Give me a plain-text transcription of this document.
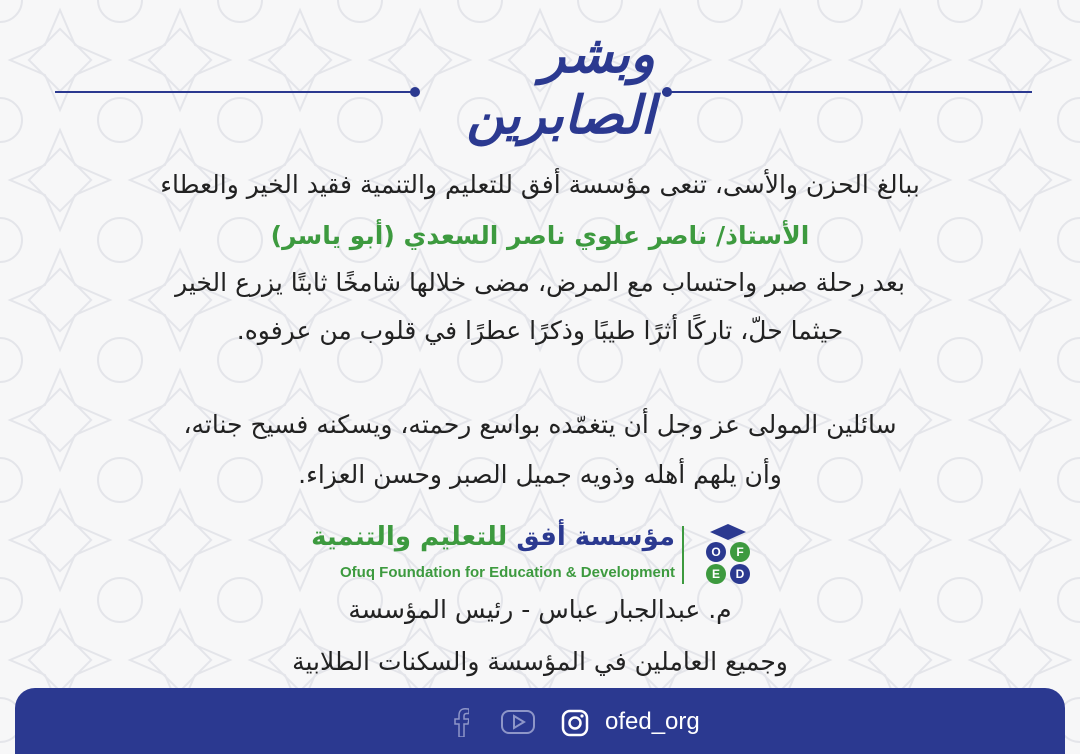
وبشر الصابرين
ببالغ الحزن والأسى، تنعى مؤسسة أفق للتعليم والتنمية فقيد الخير والعطاء
الأستاذ/ ناصر علوي ناصر السعدي (أبو ياسر)
بعد رحلة صبر واحتساب مع المرض، مضى خلالها شامخًا ثابتًا يزرع الخير
حيثما حلّ، تاركًا أثرًا طيبًا وذكرًا عطرًا في قلوب من عرفوه.
سائلين المولى عز وجل أن يتغمّده بواسع رحمته، ويسكنه فسيح جناته،
وأن يلهم أهله وذويه جميل الصبر وحسن العزاء.
مؤسسة أفق للتعليم والتنمية
Ofuq Foundation for Education & Development
O F
E D
م. عبدالجبار عباس - رئيس المؤسسة
وجميع العاملين في المؤسسة والسكنات الطلابية
ofed_org
